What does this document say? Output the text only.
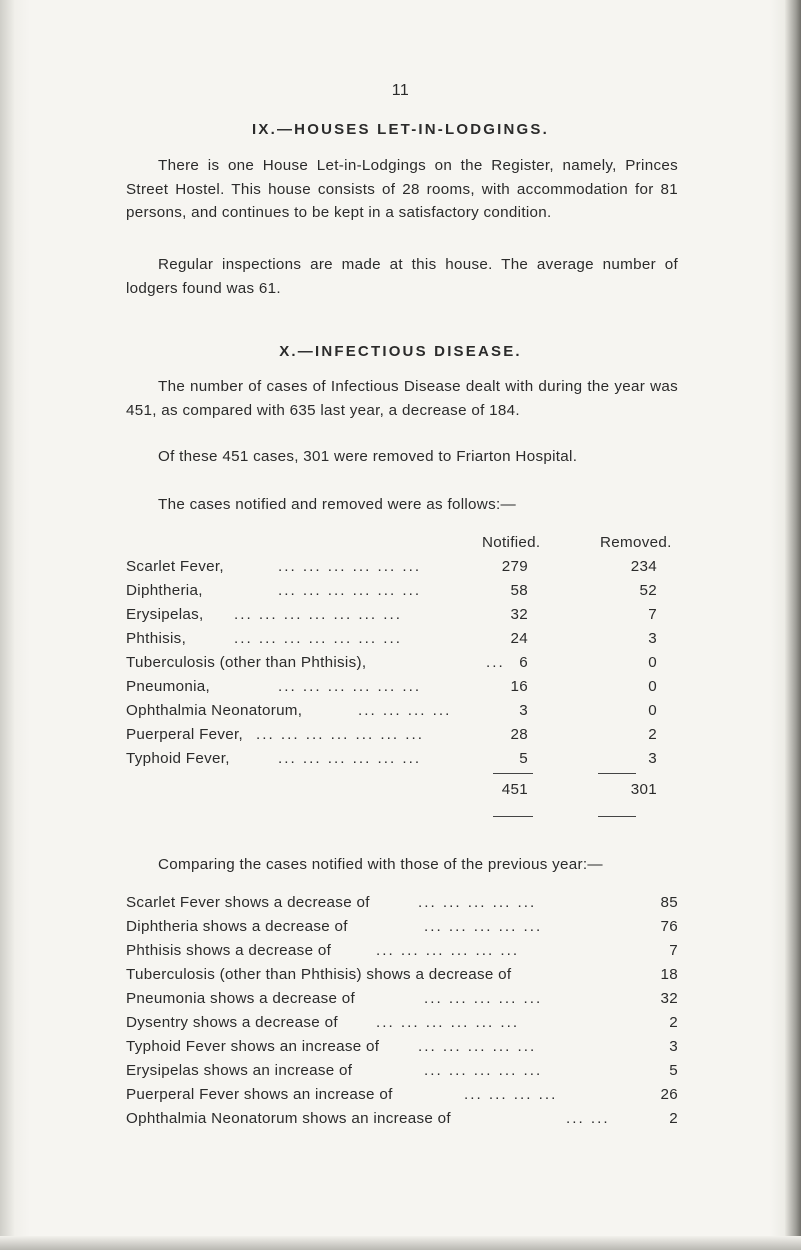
11
IX.—HOUSES LET-IN-LODGINGS.

There is one House Let-in-Lodgings on the Register, namely, Princes Street Hostel. This house consists of 28 rooms, with accommodation for 81 persons, and continues to be kept in a satisfactory condition.

Regular inspections are made at this house. The average number of lodgers found was 61.

X.—INFECTIOUS DISEASE.

The number of cases of Infectious Disease dealt with during the year was 451, as compared with 635 last year, a decrease of 184.

Of these 451 cases, 301 were removed to Friarton Hospital.
The cases notified and removed were as follows:—
Notified.	Removed.
Scarlet Fever,	... ... ... ... ... ...	279	234
Diphtheria,	... ... ... ... ... ...	58	52
Erysipelas, ... ... ... ... ... ... ...	32	7
Phthisis,	... ... ... ... ... ... ...	24	3
Tuberculosis (other than Phthisis),	... 6	0
Pneumonia,	... ... ... ... ... ...	16	0
Ophthalmia Neonatorum,	... ... ... ...	3	0
Puerperal Fever, ... ... ... ... ... ... ...	28	2
Typhoid Fever,	... ... ... ... ... ...	5	3
451	301
Comparing the cases notified with those of the previous year:—
Scarlet Fever shows a decrease of	... ... ... ... ...	85
Diphtheria shows a decrease of	... ... ... ... ...	76
Phthisis shows a decrease of	... ... ... ... ... ...	7
Tuberculosis (other than Phthisis) shows a decrease of	18
Pneumonia shows a decrease of	... ... ... ... ...	32
Dysentry shows a decrease of	... ... ... ... ... ...	2
Typhoid Fever shows an increase of	... ... ... ... ...	3
Erysipelas shows an increase of	... ... ... ... ...	5
Puerperal Fever shows an increase of	... ... ... ...	26
Ophthalmia Neonatorum shows an increase of	... ...	2
